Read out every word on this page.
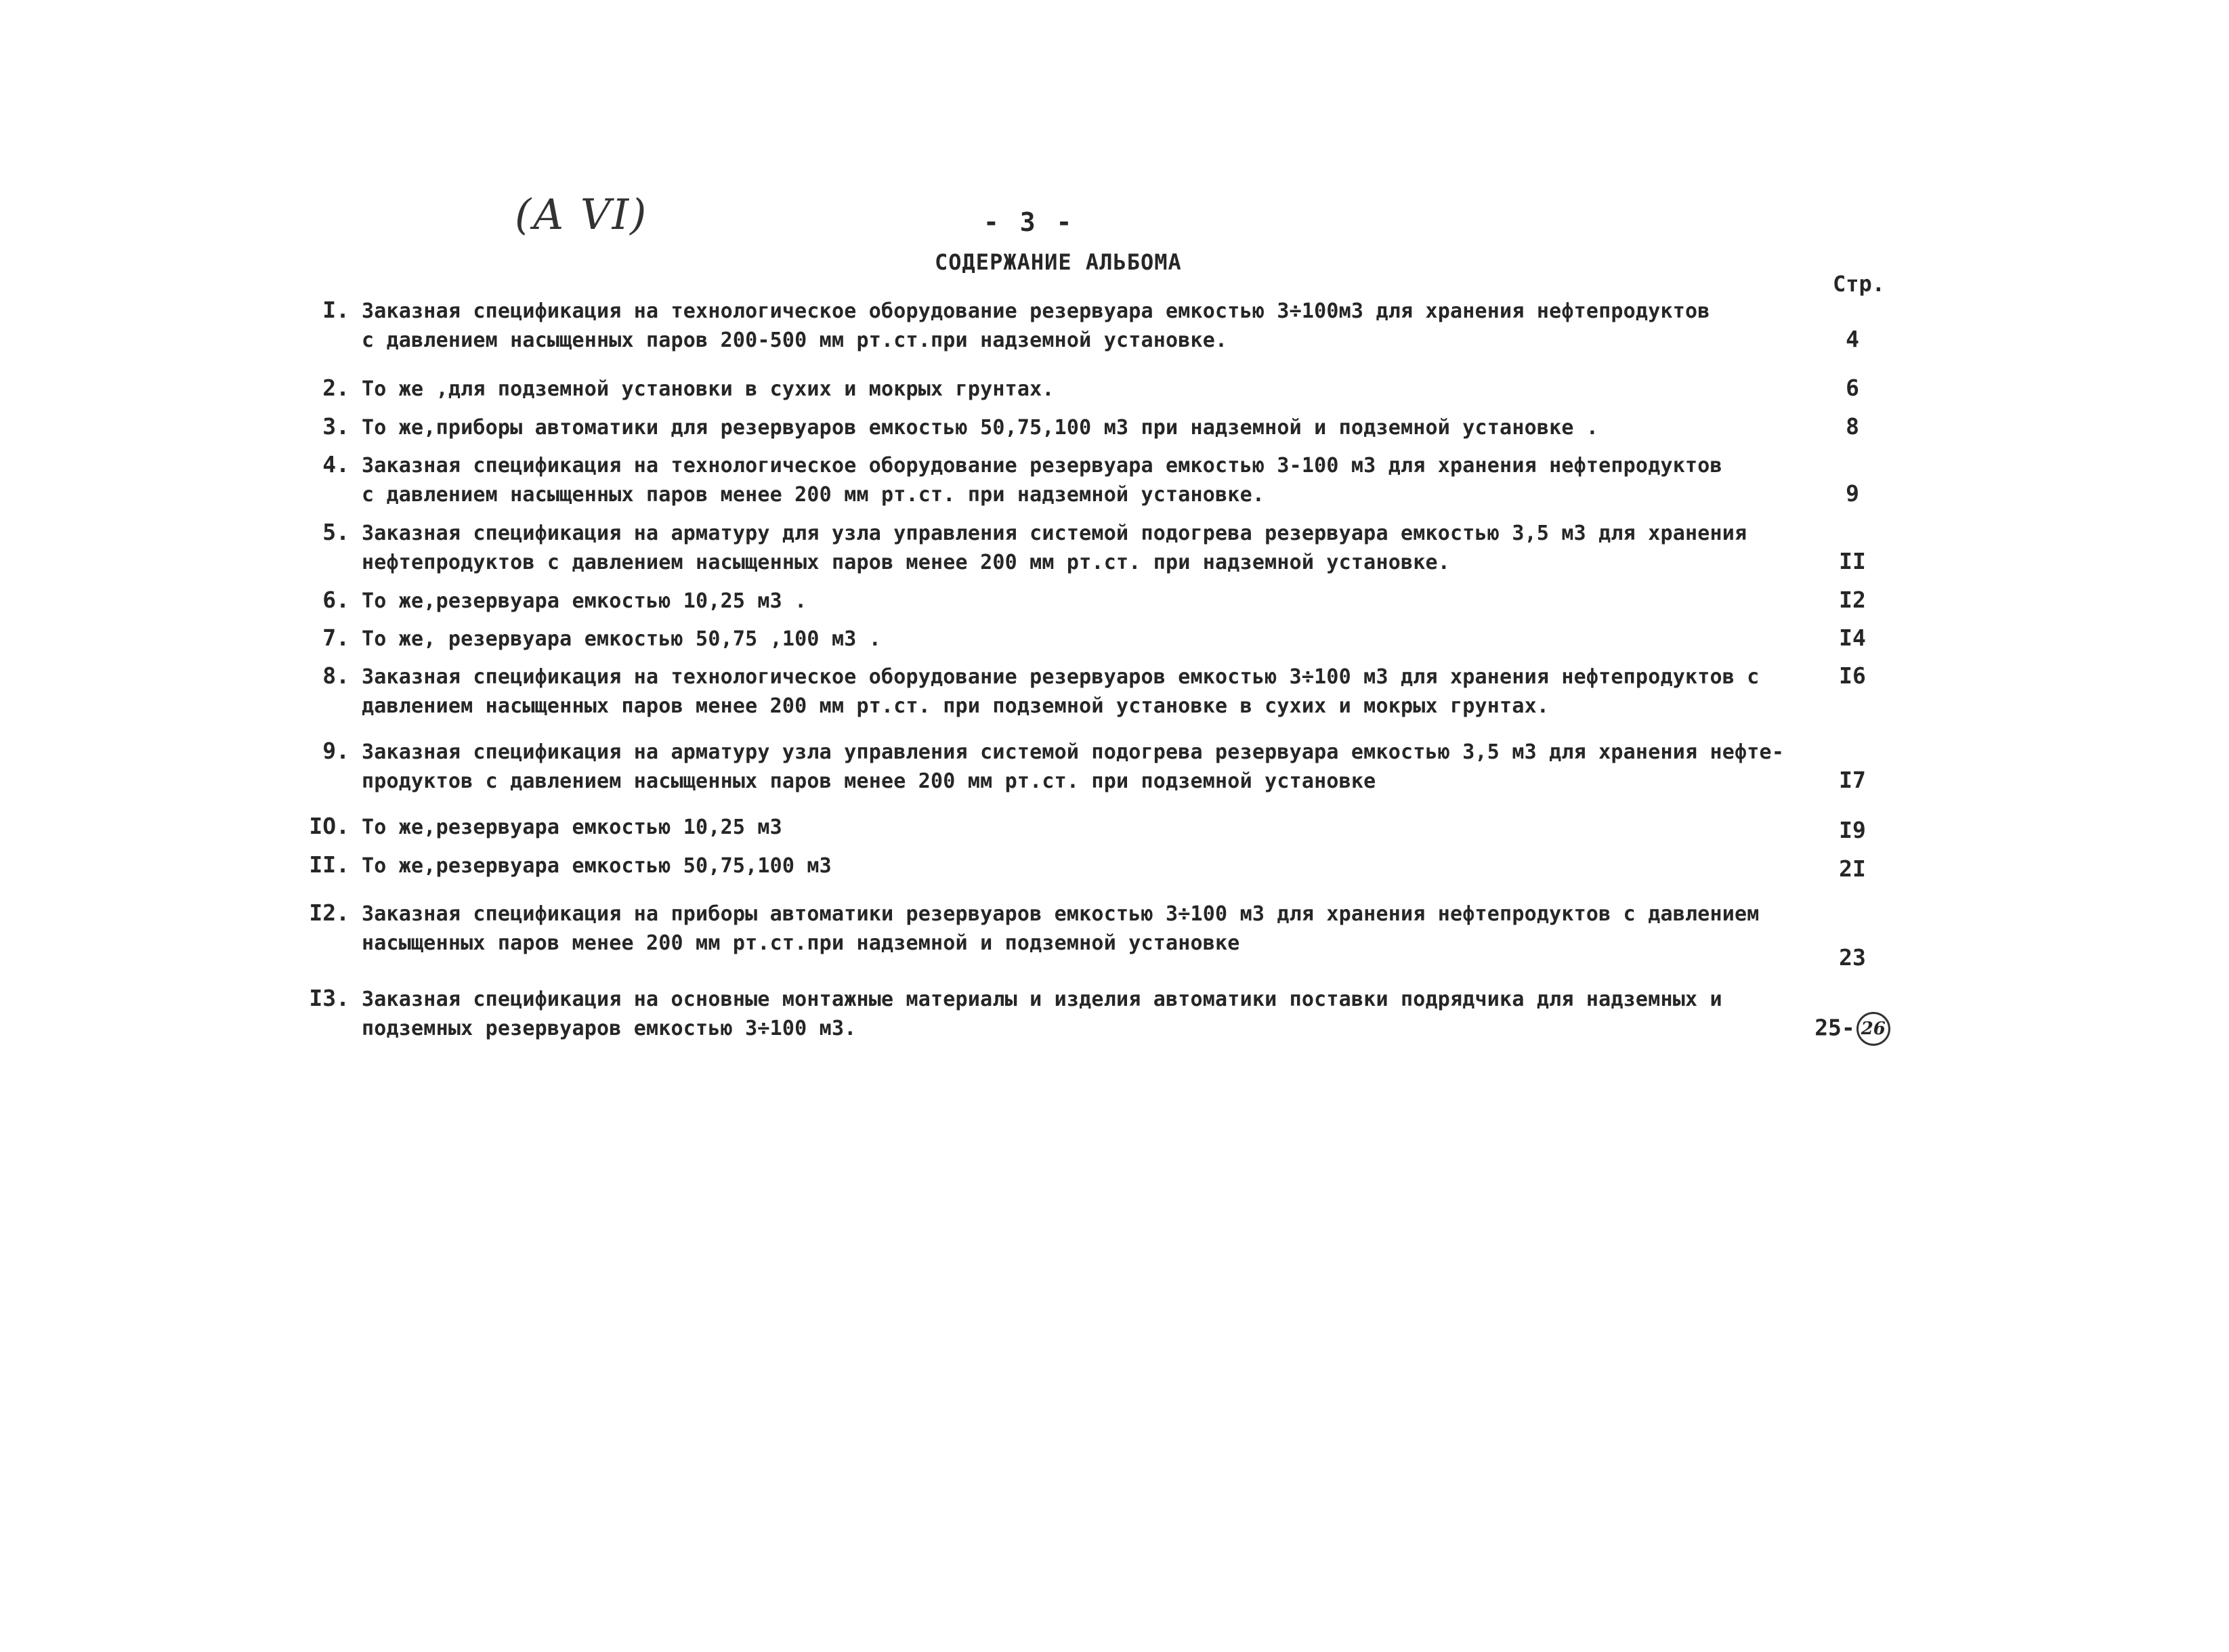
(А VI)	- 3 -
СОДЕРЖАНИЕ АЛЬБОМА
Стр.
I. Заказная спецификация на технологическое оборудование резервуара емкостью 3÷100м3 для хранения нефтепродуктов
с давлением насыщенных паров 200-500 мм рт.ст.при надземной установке.	4
2. То же ,для подземной установки в сухих и мокрых грунтах.	6
3. То же,приборы автоматики для резервуаров емкостью 50,75,100 м3 при надземной и подземной установке .	8
4. Заказная спецификация на технологическое оборудование резервуара емкостью 3-100 м3 для хранения нефтепродуктов
с давлением насыщенных паров менее 200 мм рт.ст. при надземной установке.	9
5. Заказная спецификация на арматуру для узла управления системой подогрева резервуара емкостью 3,5 м3 для хранения
нефтепродуктов с давлением насыщенных паров менее 200 мм рт.ст. при надземной установке.	II
6. То же,резервуара емкостью 10,25 м3 .	I2
7. То же, резервуара емкостью 50,75 ,100 м3 .	I4
8. Заказная спецификация на технологическое оборудование резервуаров емкостью 3÷100 м3 для хранения нефтепродуктов с
давлением насыщенных паров менее 200 мм рт.ст. при подземной установке в сухих и мокрых грунтах.
I6
9. Заказная спецификация на арматуру узла управления системой подогрева резервуара емкостью 3,5 м3 для хранения нефте-
продуктов с давлением насыщенных паров менее 200 мм рт.ст. при подземной установке	I7
IO. То же,резервуара емкостью 10,25 м3	I9
II. То же,резервуара емкостью 50,75,100 м3	2I
I2. Заказная спецификация на приборы автоматики резервуаров емкостью 3÷100 м3 для хранения нефтепродуктов с давлением
насыщенных паров менее 200 мм рт.ст.при надземной и подземной установке
23
I3. Заказная спецификация на основные монтажные материалы и изделия автоматики поставки подрядчика для надземных и
подземных резервуаров емкостью 3÷100 м3.	25- 26
